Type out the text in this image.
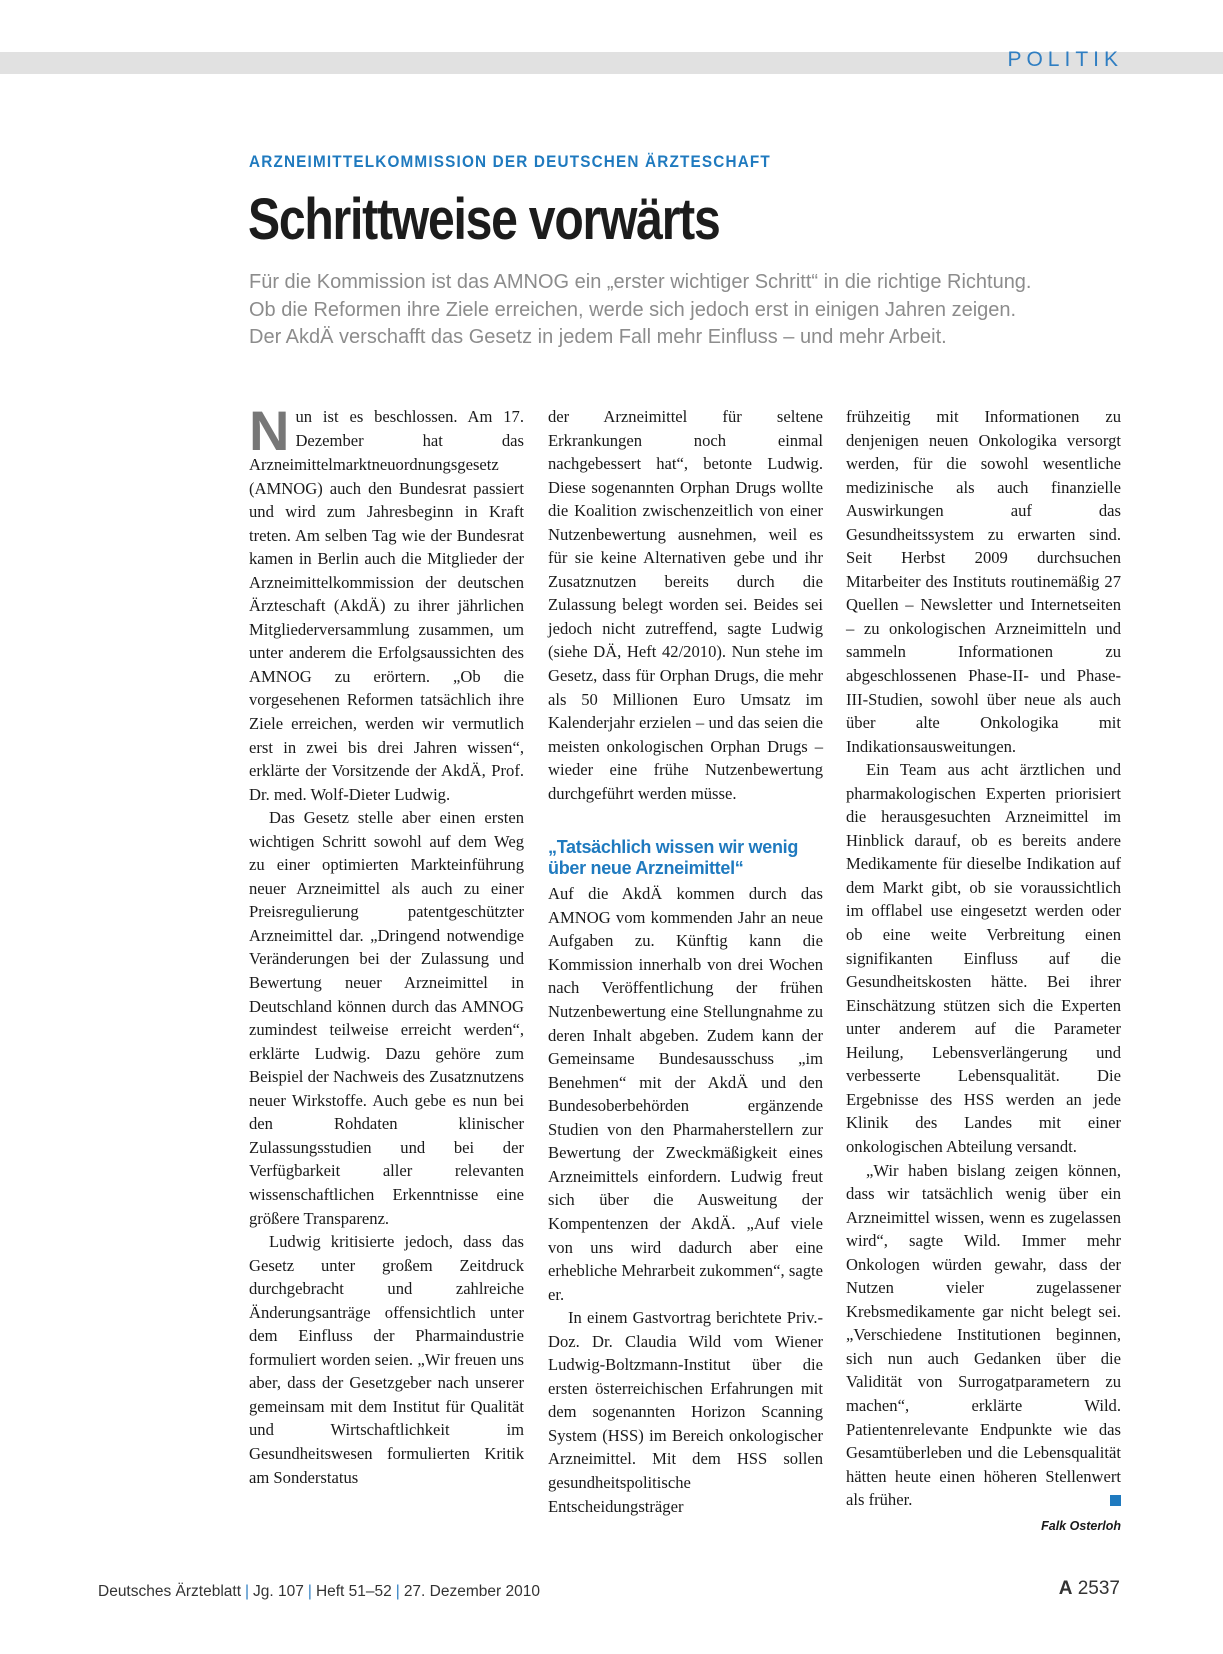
POLITIK
ARZNEIMITTELKOMMISSION DER DEUTSCHEN ÄRZTESCHAFT
Schrittweise vorwärts
Für die Kommission ist das AMNOG ein „erster wichtiger Schritt“ in die richtige Richtung.
Ob die Reformen ihre Ziele erreichen, werde sich jedoch erst in einigen Jahren zeigen.
Der AkdÄ verschafft das Gesetz in jedem Fall mehr Einfluss – und mehr Arbeit.

Nun ist es beschlossen. Am 17. Dezember hat das Arzneimittelmarktneuordnungsgesetz (AMNOG) auch den Bundesrat passiert und wird zum Jahresbeginn in Kraft treten. Am selben Tag wie der Bundesrat kamen in Berlin auch die Mitglieder der Arzneimittelkommission der deutschen Ärzteschaft (AkdÄ) zu ihrer jährlichen Mitgliederversammlung zusammen, um unter anderem die Erfolgsaussichten des AMNOG zu erörtern. „Ob die vorgesehenen Reformen tatsächlich ihre Ziele erreichen, werden wir vermutlich erst in zwei bis drei Jahren wissen“, erklärte der Vorsitzende der AkdÄ, Prof. Dr. med. Wolf-Dieter Ludwig.

Das Gesetz stelle aber einen ersten wichtigen Schritt sowohl auf dem Weg zu einer optimierten Markteinführung neuer Arzneimittel als auch zu einer Preisregulierung patentgeschützter Arzneimittel dar. „Dringend notwendige Veränderungen bei der Zulassung und Bewertung neuer Arzneimittel in Deutschland können durch das AMNOG zumindest teilweise erreicht werden“, erklärte Ludwig. Dazu gehöre zum Beispiel der Nachweis des Zusatznutzens neuer Wirkstoffe. Auch gebe es nun bei den Rohdaten klinischer Zulassungsstudien und bei der Verfügbarkeit aller relevanten wissenschaftlichen Erkenntnisse eine größere Transparenz.

Ludwig kritisierte jedoch, dass das Gesetz unter großem Zeitdruck durchgebracht und zahlreiche Änderungsanträge offensichtlich unter dem Einfluss der Pharmaindustrie formuliert worden seien. „Wir freuen uns aber, dass der Gesetzgeber nach unserer gemeinsam mit dem Institut für Qualität und Wirtschaftlichkeit im Gesundheitswesen formulierten Kritik am Sonderstatus

der Arzneimittel für seltene Erkrankungen noch einmal nachgebessert hat“, betonte Ludwig. Diese sogenannten Orphan Drugs wollte die Koalition zwischenzeitlich von einer Nutzenbewertung ausnehmen, weil es für sie keine Alternativen gebe und ihr Zusatznutzen bereits durch die Zulassung belegt worden sei. Beides sei jedoch nicht zutreffend, sagte Ludwig (siehe DÄ, Heft 42/2010). Nun stehe im Gesetz, dass für Orphan Drugs, die mehr als 50 Millionen Euro Umsatz im Kalenderjahr erzielen – und das seien die meisten onkologischen Orphan Drugs – wieder eine frühe Nutzenbewertung durchgeführt werden müsse.

„Tatsächlich wissen wir wenig über neue Arzneimittel“

Auf die AkdÄ kommen durch das AMNOG vom kommenden Jahr an neue Aufgaben zu. Künftig kann die Kommission innerhalb von drei Wochen nach Veröffentlichung der frühen Nutzenbewertung eine Stellungnahme zu deren Inhalt abgeben. Zudem kann der Gemeinsame Bundesausschuss „im Benehmen“ mit der AkdÄ und den Bundesoberbehörden ergänzende Studien von den Pharmaherstellern zur Bewertung der Zweckmäßigkeit eines Arzneimittels einfordern. Ludwig freut sich über die Ausweitung der Kompentenzen der AkdÄ. „Auf viele von uns wird dadurch aber eine erhebliche Mehrarbeit zukommen“, sagte er.

In einem Gastvortrag berichtete Priv.-Doz. Dr. Claudia Wild vom Wiener Ludwig-Boltzmann-Institut über die ersten österreichischen Erfahrungen mit dem sogenannten Horizon Scanning System (HSS) im Bereich onkologischer Arzneimittel. Mit dem HSS sollen gesundheitspolitische Entscheidungsträger

frühzeitig mit Informationen zu denjenigen neuen Onkologika versorgt werden, für die sowohl wesentliche medizinische als auch finanzielle Auswirkungen auf das Gesundheitssystem zu erwarten sind. Seit Herbst 2009 durchsuchen Mitarbeiter des Instituts routinemäßig 27 Quellen – Newsletter und Internetseiten – zu onkologischen Arzneimitteln und sammeln Informationen zu abgeschlossenen Phase-II- und Phase-III-Studien, sowohl über neue als auch über alte Onkologika mit Indikationsausweitungen.

Ein Team aus acht ärztlichen und pharmakologischen Experten priorisiert die herausgesuchten Arzneimittel im Hinblick darauf, ob es bereits andere Medikamente für dieselbe Indikation auf dem Markt gibt, ob sie voraussichtlich im offlabel use eingesetzt werden oder ob eine weite Verbreitung einen signifikanten Einfluss auf die Gesundheitskosten hätte. Bei ihrer Einschätzung stützen sich die Experten unter anderem auf die Parameter Heilung, Lebensverlängerung und verbesserte Lebensqualität. Die Ergebnisse des HSS werden an jede Klinik des Landes mit einer onkologischen Abteilung versandt.

„Wir haben bislang zeigen können, dass wir tatsächlich wenig über ein Arzneimittel wissen, wenn es zugelassen wird“, sagte Wild. Immer mehr Onkologen würden gewahr, dass der Nutzen vieler zugelassener Krebsmedikamente gar nicht belegt sei. „Verschiedene Institutionen beginnen, sich nun auch Gedanken über die Validität von Surrogatparametern zu machen“, erklärte Wild. Patientenrelevante Endpunkte wie das Gesamtüberleben und die Lebensqualität hätten heute einen höheren Stellenwert als früher.

Falk Osterloh
Deutsches Ärzteblatt | Jg. 107 | Heft 51–52 | 27. Dezember 2010	A 2537
